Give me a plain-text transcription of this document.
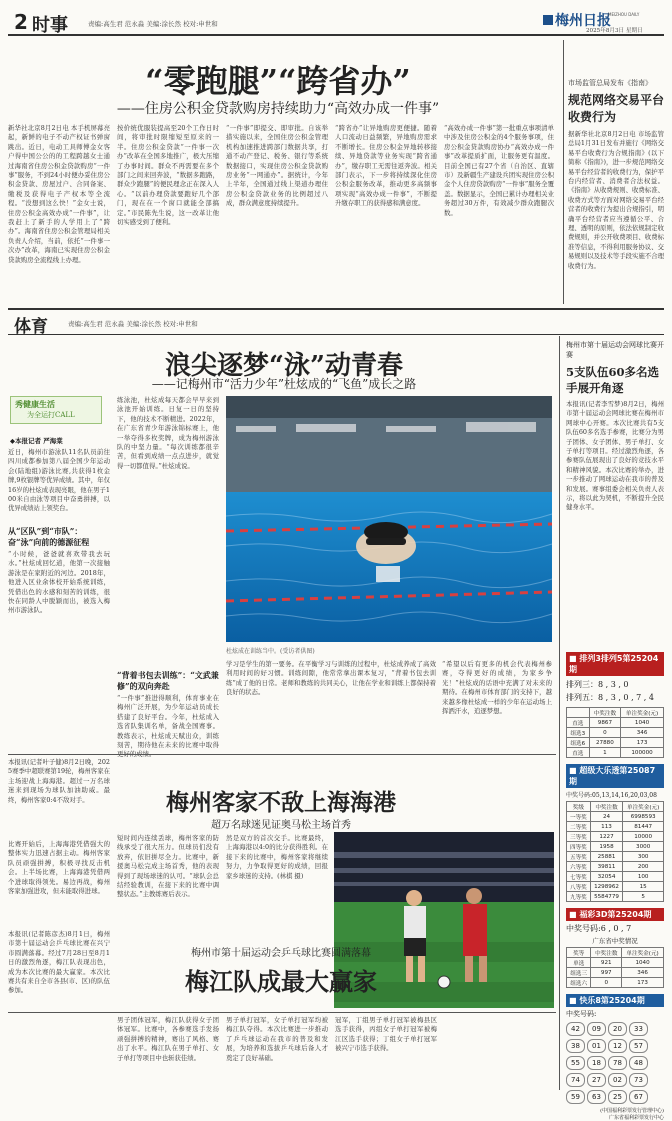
2 时事	责编:高生君 范永淼 美编:涂长然 校对:申世和	梅州日报
MEIZHOU DAILY
2025年8月3日 星期日
“零跑腿”“跨省办”
——住房公积金贷款购房持续助力“高效办成一件事”
新华社北京8月2日电 本手机屏幕亮起，新鲜的电子不动产权证书弹窗跳出。近日，电动工具师傅金女客户得中国公公的的工程跨越女士通过海南省住房公积金贷款购房“一件事”服务，不到24小时便办妥住房公积金贷款、房屋过户、合同备案、缴税及获得电子产权本等全流程。“没想到这么快！”金女士说，住房公积金高效办成“一件事”，让我赶上了新手的人学用上了“跨办”。海南省住房公积金管理局相关负责人介绍，当前，依托“一件事一次办”改革，海南已实现住房公积金贷款购房全流程线上办理。
按价统优服装提高至20个工作日时间，将审批时限缩短至原来的一半。住房公积金贷款“一件事一次办”改革在全国多地推广，极大压缩了办事时间。群众不再需要在多个部门之间来回奔波，“数据多跑路，群众少跑腿”的便民理念正在深入人心。“以前办理贷款要跑好几个部门，现在在一个窗口就能全部搞定。”市民陈先生说，这一改革让他切实感受到了便利。
“一件事”即提交、即审批。自该举措实施以来，全国住房公积金管理机构加速推进跨部门数据共享，打通不动产登记、税务、银行等系统数据接口，实现住房公积金贷款购房业务“一网通办”。据统计，今年上半年，全国通过线上渠道办理住房公积金贷款业务的比例超过八成，群众满意度持续提升。
“跨省办”让异地购房更便捷。随着人口流动日益频繁，异地购房需求不断增长。住房公积金异地转移接续、异地贷款等业务实现“跨省通办”，缴存职工无需往返奔波。相关部门表示，下一步将持续深化住房公积金服务改革，推动更多高频事项实现“高效办成一件事”，不断提升缴存职工的获得感和满意度。
“高效办成一件事”第一批重点事项清单中涉及住房公积金的4个服务事项，住房公积金贷款购房协办“高效办成一件事”改革提质扩面，让服务更有温度。目前全国已有27个省（自治区、直辖市）及新疆生产建设兵团实现住房公积金个人住房贷款购房“一件事”服务全覆盖。数据显示，全国已累计办理相关业务超过30万件，有效减少群众跑腿次数。
市场监管总局发布《指南》
规范网络交易平台收费行为
据新华社北京8月2日电 市场监管总局1月31日发布并施行《网络交易平台收费行为合规指南》(以下简称《指南》)，进一步规范网络交易平台经营者的收费行为，保护平台内经营者、消费者合法权益。《指南》从收费规则、收费标准、收费方式等方面对网络交易平台经营者的收费行为提出合规指引，明确平台经营者应当遵循公平、合理、透明的原则，依法依规制定收费规则，并公开收费项目、收费标准等信息，不得利用服务协议、交易规则以及技术等手段实施不合理收费行为。
体育	责编:高生君 范永淼 美编:涂长然 校对:申世和
浪尖逐梦“泳”动青春
——记梅州市“活力少年”杜炫成的“飞鱼”成长之路
秀健康生活
为全运打CALL
◆本报记者 严海棠
近日，梅州市游泳队11名队员前往四川成都参加第八届全国少年运动会(陆地组)游泳比赛,共获得1枚金牌,9枚银牌等优异成绩。其中，年仅16岁的杜炫成表现亮眼，他在男子100米自由泳等项目中奋勇拼搏，以优异成绩站上领奖台。
从“区队”到“市队”：奋“泳”向前的德源征程
“小时候，爸爸就喜欢带我去玩水。”杜炫成回忆道，他第一次接触游泳是在家附近的河边。2018年，他进入区业余体校开始系统训练，凭借出色的水感和刻苦的训练，很快在同龄人中脱颖而出，被选入梅州市游泳队。
练泳池，杜炫成每天都会早早来到泳池开始训练。日复一日的坚持下，他的技术不断精进。2022年，在广东省青少年游泳锦标赛上，他一举夺得多枚奖牌，成为梅州游泳队的中坚力量。“每次训练都很辛苦，但看到成绩一点点进步，就觉得一切都值得。”杜炫成说。
杜炫成在训练当中。(受访者供图)
“背着书包去训练”：“文武兼修”的双向奔赴
“一件事”推进得顺利，体育事业在梅州广泛开展，为少年运动员成长搭建了良好平台。今年，杜炫成入选省队集训名单，备战全国赛事。教练表示，杜炫成天赋出众，训练刻苦，期待他在未来的比赛中取得
学习是学生的第一要务。在平衡学习与训练的过程中，杜炫成养成了高效利用时间的好习惯。训练间隙，他常常拿出课本复习，“背着书包去训练”成了他的日常。老师和教练的共同关心，让他在学业和训练上都保持着良好的状态。
“希望以后有更多的机会代表梅州参赛，夺得更好的成绩，为家乡争光！”杜炫成的话语中充满了对未来的期待。在梅州市体育部门的支持下，越来越多像杜炫成一样的少年在运动场上挥洒汗水，追逐梦想。
梅州市第十届运动会网球比赛开赛
5支队伍60多名选手展开角逐
本报讯(记者李雪梦)8月2日，梅州市第十届运动会网球比赛在梅州市网球中心开赛。本次比赛共有5支队伍60多名选手参赛，比赛分为男子团体、女子团体、男子单打、女子单打等项目。经过激烈角逐，各参赛队伍展现出了良好的竞技水平和精神风貌。本次比赛的举办，进一步推动了网球运动在我市的普及和发展。赛事组委会相关负责人表示，将以此为契机，不断提升全民健身水平。
■ 排列3排列5第25204期
排列三：8 , 3 , 0
排列五：8 , 3 , 0 , 7 , 4
	中奖注数	单注奖金(元)
直选	9867	1040
组选3	0	346
组选6	27880	173
直选	1	100000
■ 超级大乐透第25087期
中奖号码:05,13,14,16,20,03,08
奖级	中奖注数	单注奖金(元)
一等奖	24	6998593
二等奖	113	81447
三等奖	1227	10000
四等奖	1958	3000
五等奖	25881	300
六等奖	39811	200
七等奖	32054	100
八等奖	1298962	15
九等奖	5584779	5
■ 福彩3D第25204期
中奖号码:6 , 0 , 7
广东省中奖情况
奖等	中奖注数	单注奖金(元)
单选	921	1040
组选三	997	346
组选六	0	173
■ 快乐8第25204期
中奖号码:
42	09	20	33
38	01	12	57
55	18	78	48
74	27	02	73
59	63	25	67
(中国福利彩票发行管理中心)
广东省福利彩票发行中心
梅州客家不敌上海海港
超万名球迷见证奥马松主场首秀
本报讯(记者叶子健)8月2日晚，2025赛季中超联赛第19轮，梅州客家在主场迎战上海海港。超过一万名球迷来到现场为球队加油助威。最终，梅州客家0:4不敌对手。
比赛开始后，上海海港凭借强大的整体实力迅速占据主动。梅州客家队员顽强拼搏，积极寻找反击机会。上半场比赛，上海海港凭借两个进球取得领先。易边再战，梅州客家加强进攻，但未能取得进球。
短时间内连续丢球，梅州客家的防线承受了很大压力。但球员们没有放弃，依旧拼尽全力。比赛中，新援奥马松完成主场首秀，他的表现得到了现场球迷的认可。“球队会总结经验教训，在接下来的比赛中调整状态。”主教练赛后表示。
然是双方的首次交手。比赛最终，上海海港以4:0的比分获得胜利。在接下来的比赛中，梅州客家将继续努力，力争取得更好的成绩，回报家乡球迷的支持。(林棋 摄)
本报讯(记者陈彦杰)8月1日，梅州市第十届运动会乒乓球比赛在兴宁市圆满落幕。经过7月28日至8月1日的激烈角逐，梅江队表现出色，成为本次比赛的最大赢家。本次比赛共有来自全市各县(市、区)的队伍参加。
梅州市第十届运动会乒乓球比赛圆满落幕
梅江队成最大赢家
男子团体冠军，梅江队获得女子团体冠军。比赛中，各参赛选手发扬顽强拼搏的精神，赛出了风格、赛出了水平。梅江队在男子单打、女子单打等项目中也斩获佳绩。
男子单打冠军，女子单打冠军均被梅江队夺得。本次比赛进一步推动了乒乓球运动在我市的普及和发展，为培养和选拔乒乓球后备人才奠定了良好基础。
冠军，丁组男子单打冠军被梅县区选手获得，丙组女子单打冠军被梅江区选手获得；丁组女子单打冠军被兴宁市选手获得。
